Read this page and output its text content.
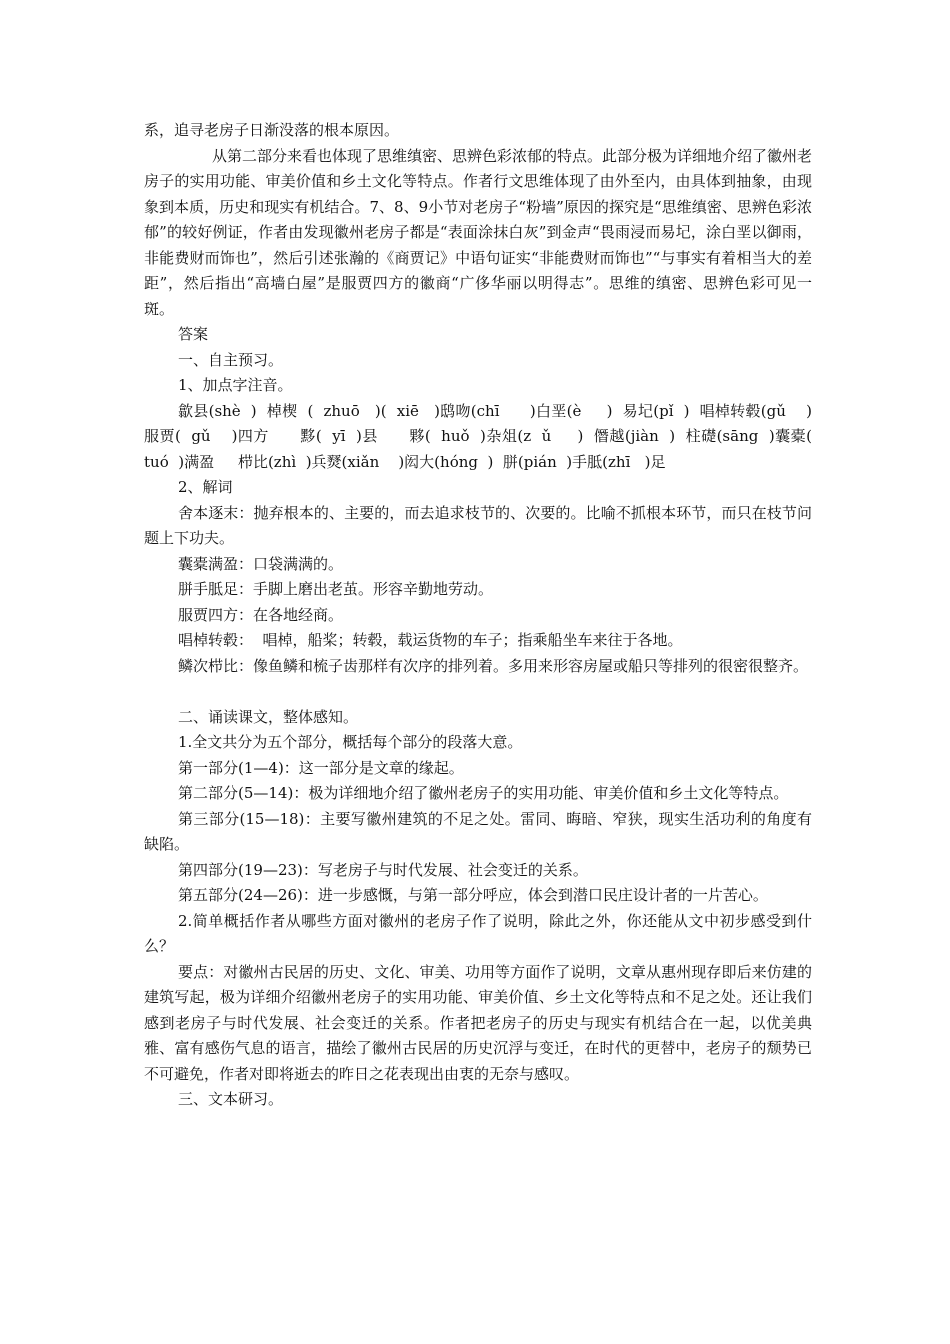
系，追寻老房子日渐没落的根本原因。

从第二部分来看也体现了思维缜密、思辨色彩浓郁的特点。此部分极为详细地介绍了徽州老房子的实用功能、审美价值和乡土文化等特点。作者行文思维体现了由外至内，由具体到抽象，由现象到本质，历史和现实有机结合。7、8、9小节对老房子“粉墙”原因的探究是“思维缜密、思辨色彩浓郁”的较好例证，作者由发现徽州老房子都是“表面涂抹白灰”到金声“畏雨浸而易圮，涂白垩以御雨，非能费财而饰也”，然后引述张瀚的《商贾记》中语句证实“非能费财而饰也”“与事实有着相当大的差距”，然后指出“高墙白屋”是服贾四方的徽商“广侈华丽以明得志”。思维的缜密、思辨色彩可见一斑。

答案

一、自主预习。

1、加点字注音。

歙县(shè  )  棹楔  (  zhuō   )(  xiē   )鸱吻(chī      )白垩(è     )  易圮(pǐ  )  唱棹转毂(gǔ    )  服贾(  gǔ    )四方      黟(  yī  )县      夥(  huǒ  )杂俎(z  ǔ     )  僭越(jiàn  )  柱礎(sāng  )囊橐(  tuó  )满盈     栉比(zhì  )兵燹(xiǎn    )闳大(hóng  )  胼(pián  )手胝(zhī   )足

2、解词

舍本逐末：抛弃根本的、主要的，而去追求枝节的、次要的。比喻不抓根本环节，而只在枝节问题上下功夫。

囊橐满盈：口袋满满的。

胼手胝足：手脚上磨出老茧。形容辛勤地劳动。

服贾四方：在各地经商。

唱棹转毂：  唱棹，船桨；转毂，载运货物的车子；指乘船坐车来往于各地。

鳞次栉比：像鱼鳞和梳子齿那样有次序的排列着。多用来形容房屋或船只等排列的很密很整齐。

二、诵读课文，整体感知。

1.全文共分为五个部分，概括每个部分的段落大意。

第一部分(1—4)：这一部分是文章的缘起。

第二部分(5—14)：极为详细地介绍了徽州老房子的实用功能、审美价值和乡土文化等特点。

第三部分(15—18)：主要写徽州建筑的不足之处。雷同、晦暗、窄狭，现实生活功利的角度有缺陷。

第四部分(19—23)：写老房子与时代发展、社会变迁的关系。

第五部分(24—26)：进一步感慨，与第一部分呼应，体会到潜口民庄设计者的一片苦心。

2.简单概括作者从哪些方面对徽州的老房子作了说明，除此之外，你还能从文中初步感受到什么？

要点：对徽州古民居的历史、文化、审美、功用等方面作了说明，文章从惠州现存即后来仿建的建筑写起，极为详细介绍徽州老房子的实用功能、审美价值、乡土文化等特点和不足之处。还让我们感到老房子与时代发展、社会变迁的关系。作者把老房子的历史与现实有机结合在一起，以优美典雅、富有感伤气息的语言，描绘了徽州古民居的历史沉浮与变迁，在时代的更替中，老房子的颓势已不可避免，作者对即将逝去的昨日之花表现出由衷的无奈与感叹。

三、文本研习。
